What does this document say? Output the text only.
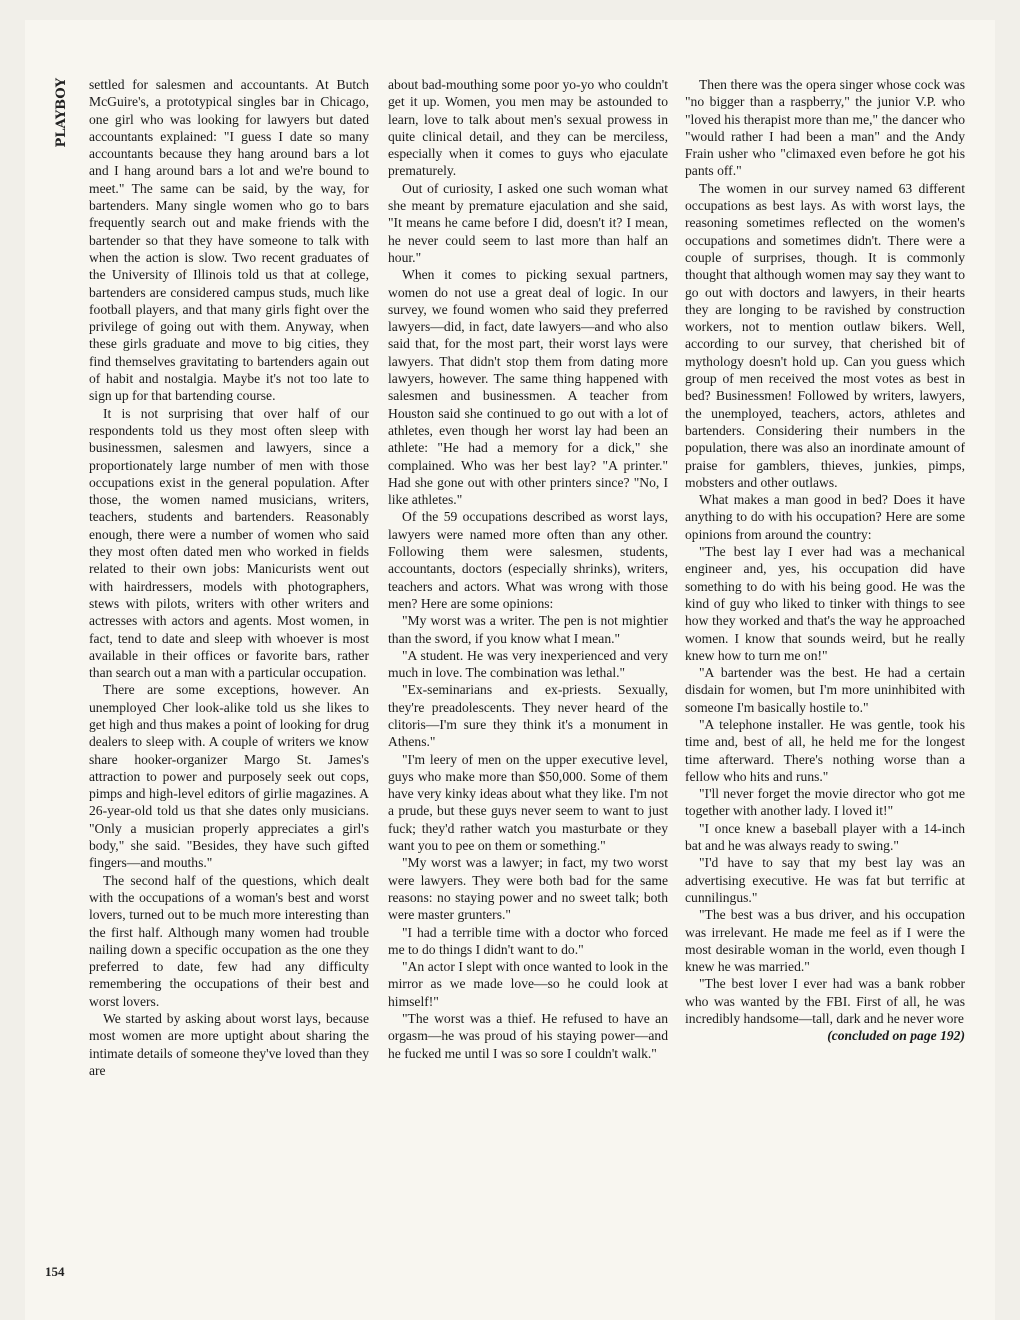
PLAYBOY	settled for salesmen and accountants. At Butch McGuire's, a prototypical singles bar in Chicago, one girl who was looking for lawyers but dated accountants explained: "I guess I date so many accountants because they hang around bars a lot and I hang around bars a lot and we're bound to meet." The same can be said, by the way, for bartenders. Many single women who go to bars frequently search out and make friends with the bartender so that they have someone to talk with when the action is slow. Two recent graduates of the University of Illinois told us that at college, bartenders are considered campus studs, much like football players, and that many girls fight over the privilege of going out with them. Anyway, when these girls graduate and move to big cities, they find themselves gravitating to bartenders again out of habit and nostalgia. Maybe it's not too late to sign up for that bartending course.

It is not surprising that over half of our respondents told us they most often sleep with businessmen, salesmen and lawyers, since a proportionately large number of men with those occupations exist in the general population. After those, the women named musicians, writers, teachers, students and bartenders. Reasonably enough, there were a number of women who said they most often dated men who worked in fields related to their own jobs: Manicurists went out with hairdressers, models with photographers, stews with pilots, writers with other writers and actresses with actors and agents. Most women, in fact, tend to date and sleep with whoever is most available in their offices or favorite bars, rather than search out a man with a particular occupation.

There are some exceptions, however. An unemployed Cher look-alike told us she likes to get high and thus makes a point of looking for drug dealers to sleep with. A couple of writers we know share hooker-organizer Margo St. James's attraction to power and purposely seek out cops, pimps and high-level editors of girlie magazines. A 26-year-old told us that she dates only musicians. "Only a musician properly appreciates a girl's body," she said. "Besides, they have such gifted fingers—and mouths."

The second half of the questions, which dealt with the occupations of a woman's best and worst lovers, turned out to be much more interesting than the first half. Although many women had trouble nailing down a specific occupation as the one they preferred to date, few had any difficulty remembering the occupations of their best and worst lovers.

We started by asking about worst lays, because most women are more uptight about sharing the intimate details of someone they've loved than they are

about bad-mouthing some poor yo-yo who couldn't get it up. Women, you men may be astounded to learn, love to talk about men's sexual prowess in quite clinical detail, and they can be merciless, especially when it comes to guys who ejaculate prematurely.

Out of curiosity, I asked one such woman what she meant by premature ejaculation and she said, "It means he came before I did, doesn't it? I mean, he never could seem to last more than half an hour."

When it comes to picking sexual partners, women do not use a great deal of logic. In our survey, we found women who said they preferred lawyers—did, in fact, date lawyers—and who also said that, for the most part, their worst lays were lawyers. That didn't stop them from dating more lawyers, however. The same thing happened with salesmen and businessmen. A teacher from Houston said she continued to go out with a lot of athletes, even though her worst lay had been an athlete: "He had a memory for a dick," she complained. Who was her best lay? "A printer." Had she gone out with other printers since? "No, I like athletes."

Of the 59 occupations described as worst lays, lawyers were named more often than any other. Following them were salesmen, students, accountants, doctors (especially shrinks), writers, teachers and actors. What was wrong with those men? Here are some opinions:

"My worst was a writer. The pen is not mightier than the sword, if you know what I mean."

"A student. He was very inexperienced and very much in love. The combination was lethal."

"Ex-seminarians and ex-priests. Sexually, they're preadolescents. They never heard of the clitoris—I'm sure they think it's a monument in Athens."

"I'm leery of men on the upper executive level, guys who make more than $50,000. Some of them have very kinky ideas about what they like. I'm not a prude, but these guys never seem to want to just fuck; they'd rather watch you masturbate or they want you to pee on them or something."

"My worst was a lawyer; in fact, my two worst were lawyers. They were both bad for the same reasons: no staying power and no sweet talk; both were master grunters."

"I had a terrible time with a doctor who forced me to do things I didn't want to do."

"An actor I slept with once wanted to look in the mirror as we made love—so he could look at himself!"

"The worst was a thief. He refused to have an orgasm—he was proud of his staying power—and he fucked me until I was so sore I couldn't walk."

Then there was the opera singer whose cock was "no bigger than a raspberry," the junior V.P. who "loved his therapist more than me," the dancer who "would rather I had been a man" and the Andy Frain usher who "climaxed even before he got his pants off."

The women in our survey named 63 different occupations as best lays. As with worst lays, the reasoning sometimes reflected on the women's occupations and sometimes didn't. There were a couple of surprises, though. It is commonly thought that although women may say they want to go out with doctors and lawyers, in their hearts they are longing to be ravished by construction workers, not to mention outlaw bikers. Well, according to our survey, that cherished bit of mythology doesn't hold up. Can you guess which group of men received the most votes as best in bed? Businessmen! Followed by writers, lawyers, the unemployed, teachers, actors, athletes and bartenders. Considering their numbers in the population, there was also an inordinate amount of praise for gamblers, thieves, junkies, pimps, mobsters and other outlaws.

What makes a man good in bed? Does it have anything to do with his occupation? Here are some opinions from around the country:

"The best lay I ever had was a mechanical engineer and, yes, his occupation did have something to do with his being good. He was the kind of guy who liked to tinker with things to see how they worked and that's the way he approached women. I know that sounds weird, but he really knew how to turn me on!"

"A bartender was the best. He had a certain disdain for women, but I'm more uninhibited with someone I'm basically hostile to."

"A telephone installer. He was gentle, took his time and, best of all, he held me for the longest time afterward. There's nothing worse than a fellow who hits and runs."

"I'll never forget the movie director who got me together with another lady. I loved it!"

"I once knew a baseball player with a 14-inch bat and he was always ready to swing."

"I'd have to say that my best lay was an advertising executive. He was fat but terrific at cunnilingus."

"The best was a bus driver, and his occupation was irrelevant. He made me feel as if I were the most desirable woman in the world, even though I knew he was married."

"The best lover I ever had was a bank robber who was wanted by the FBI. First of all, he was incredibly handsome—tall, dark and he never wore

(concluded on page 192)

154
